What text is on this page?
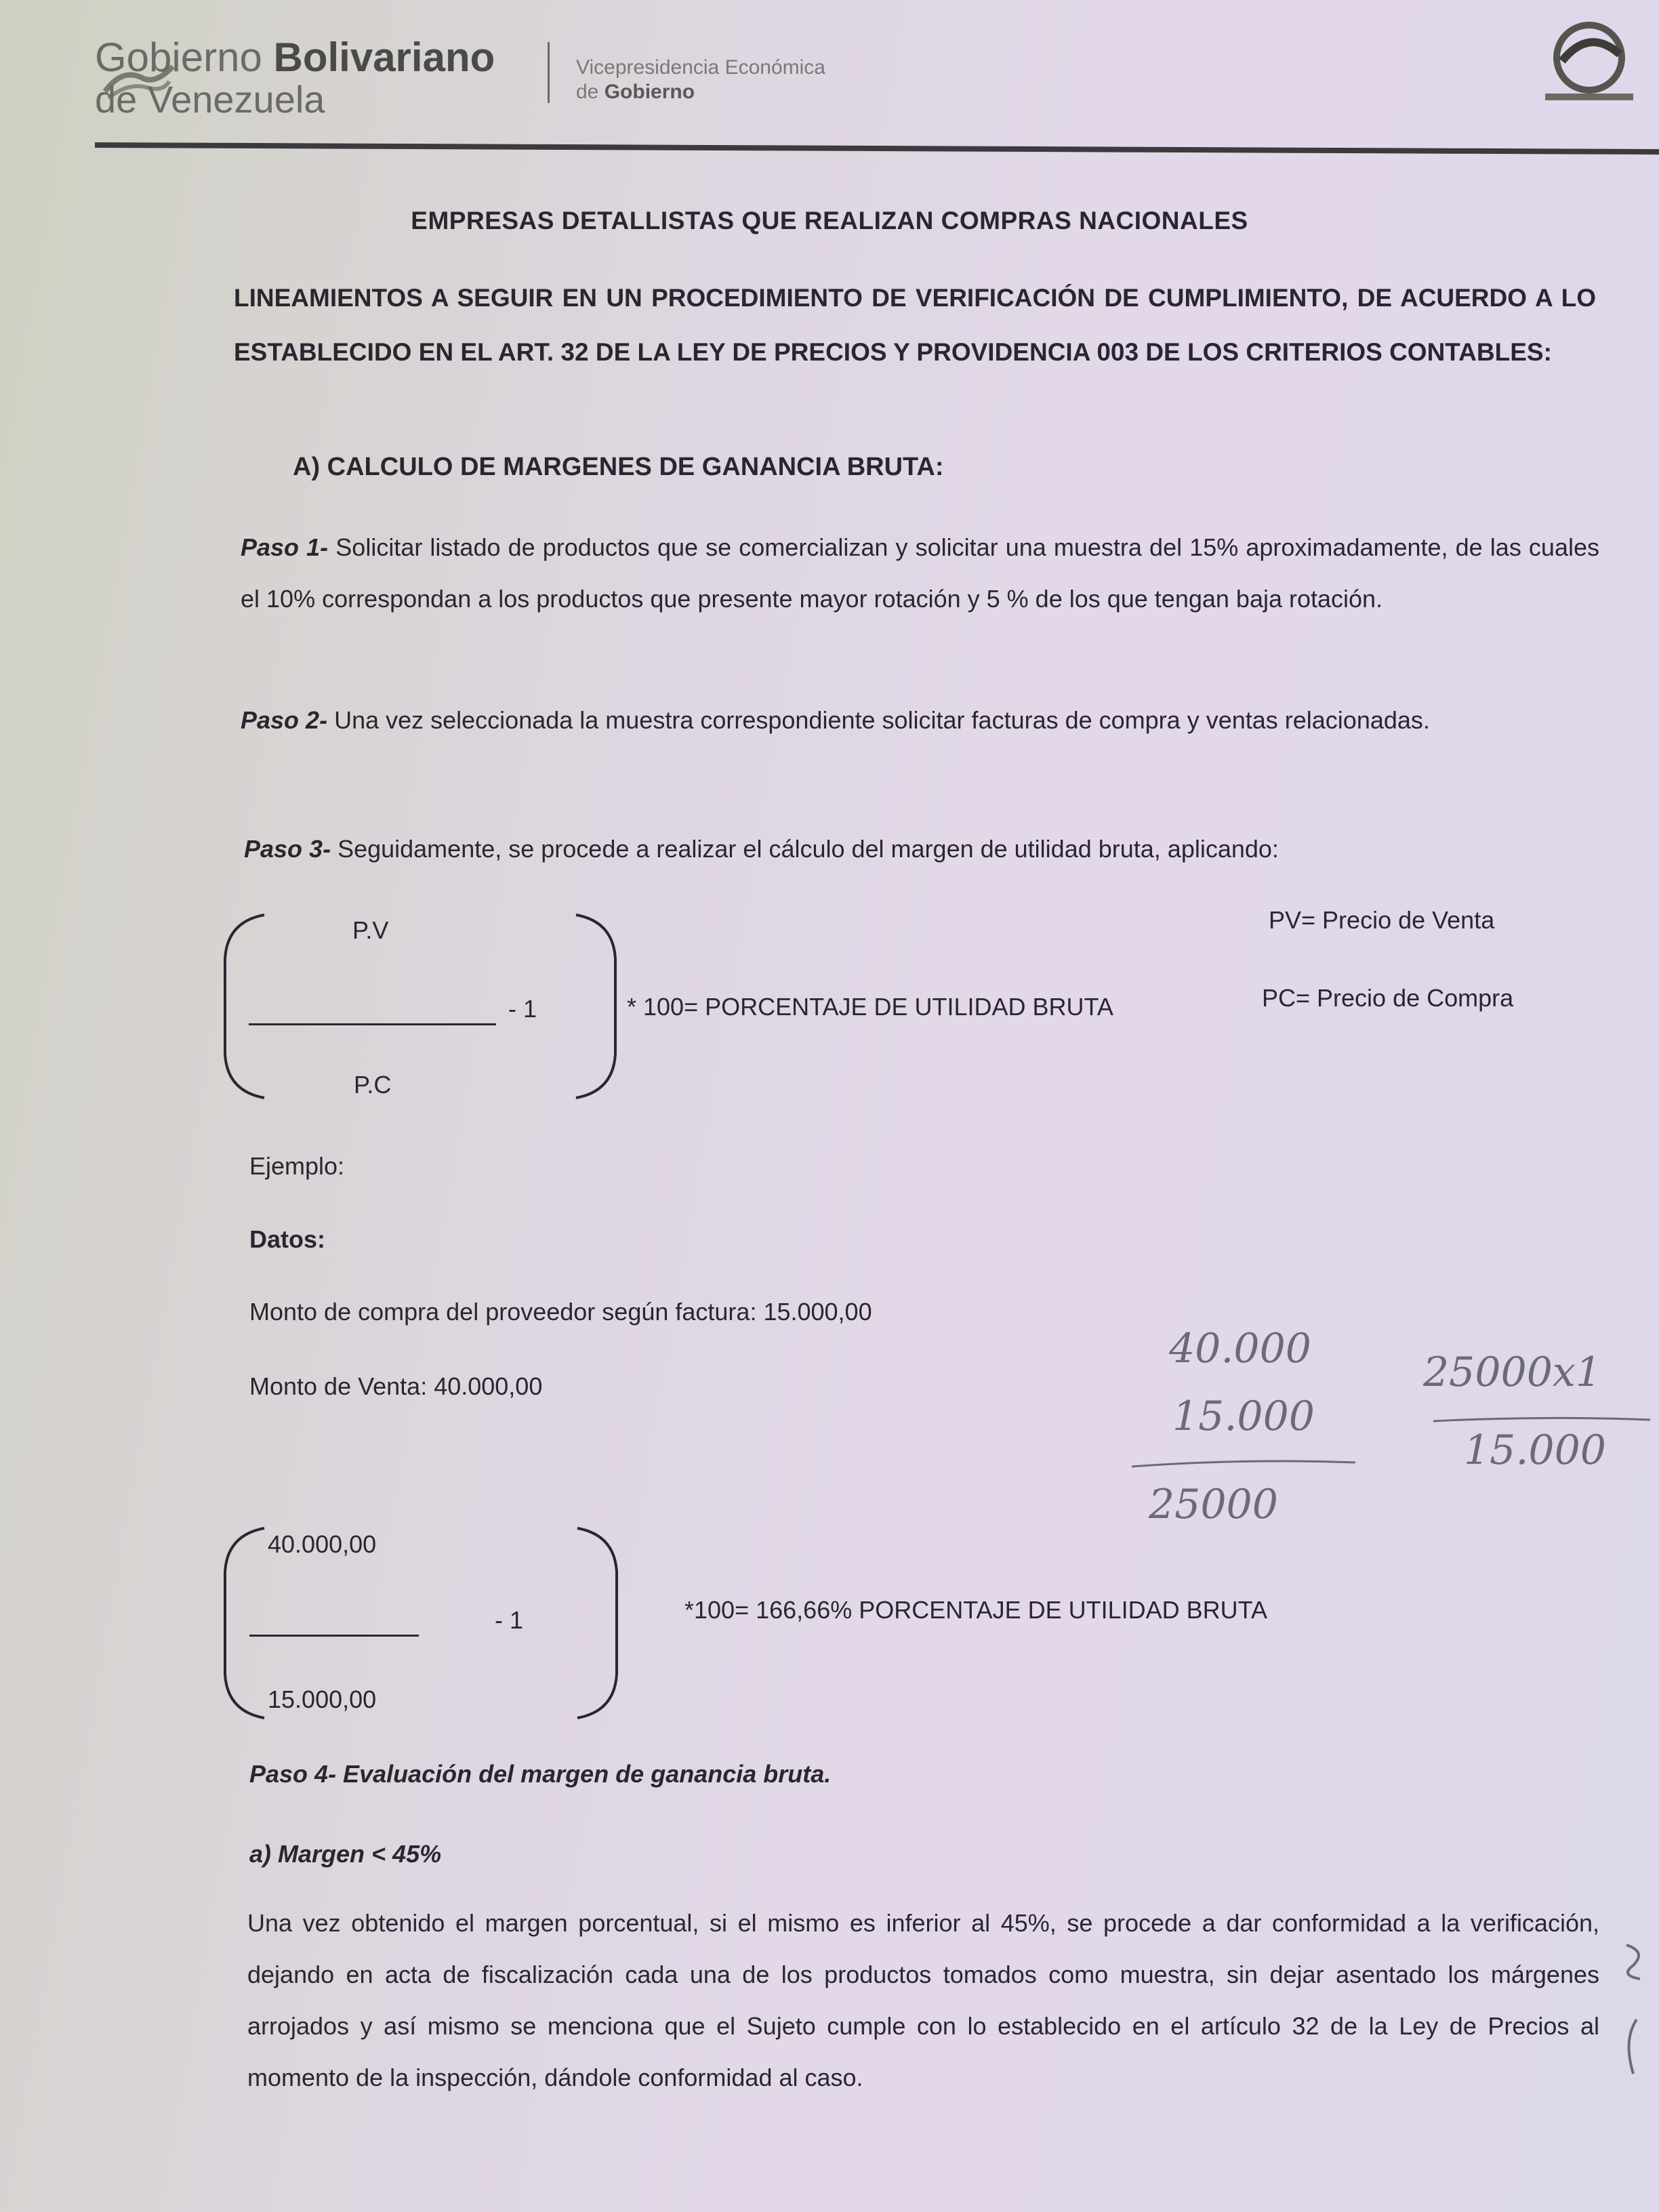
Gobierno Bolivariano
de Venezuela
Vicepresidencia Económica
de Gobierno
EMPRESAS DETALLISTAS QUE REALIZAN COMPRAS NACIONALES
LINEAMIENTOS A SEGUIR EN UN PROCEDIMIENTO DE VERIFICACIÓN DE CUMPLIMIENTO, DE ACUERDO A LO ESTABLECIDO EN EL ART. 32 DE LA LEY DE PRECIOS Y PROVIDENCIA 003 DE LOS CRITERIOS CONTABLES:
A) CALCULO DE MARGENES DE GANANCIA BRUTA:
Paso 1- Solicitar listado de productos que se comercializan y solicitar una muestra del 15% aproximadamente, de las cuales el 10% correspondan a los productos que presente mayor rotación y 5 % de los que tengan baja rotación.
Paso 2- Una vez seleccionada la muestra correspondiente solicitar facturas de compra y ventas relacionadas.
Paso 3- Seguidamente, se procede a realizar el cálculo del margen de utilidad bruta, aplicando:
P.V
- 1
P.C
* 100= PORCENTAJE DE UTILIDAD BRUTA
PV= Precio de Venta
PC= Precio de Compra
Ejemplo:
Datos:
Monto de compra del proveedor según factura: 15.000,00
Monto de Venta: 40.000,00
40.000
15.000
25000
25000x1
15.000
40.000,00
- 1
15.000,00
*100= 166,66% PORCENTAJE DE UTILIDAD BRUTA
Paso 4- Evaluación del margen de ganancia bruta.
a) Margen < 45%
Una vez obtenido el margen porcentual, si el mismo es inferior al 45%, se procede a dar conformidad a la verificación, dejando en acta de fiscalización cada una de los productos tomados como muestra, sin dejar asentado los márgenes arrojados y así mismo se menciona que el Sujeto cumple con lo establecido en el artículo 32 de la Ley de Precios al momento de la inspección, dándole conformidad al caso.
